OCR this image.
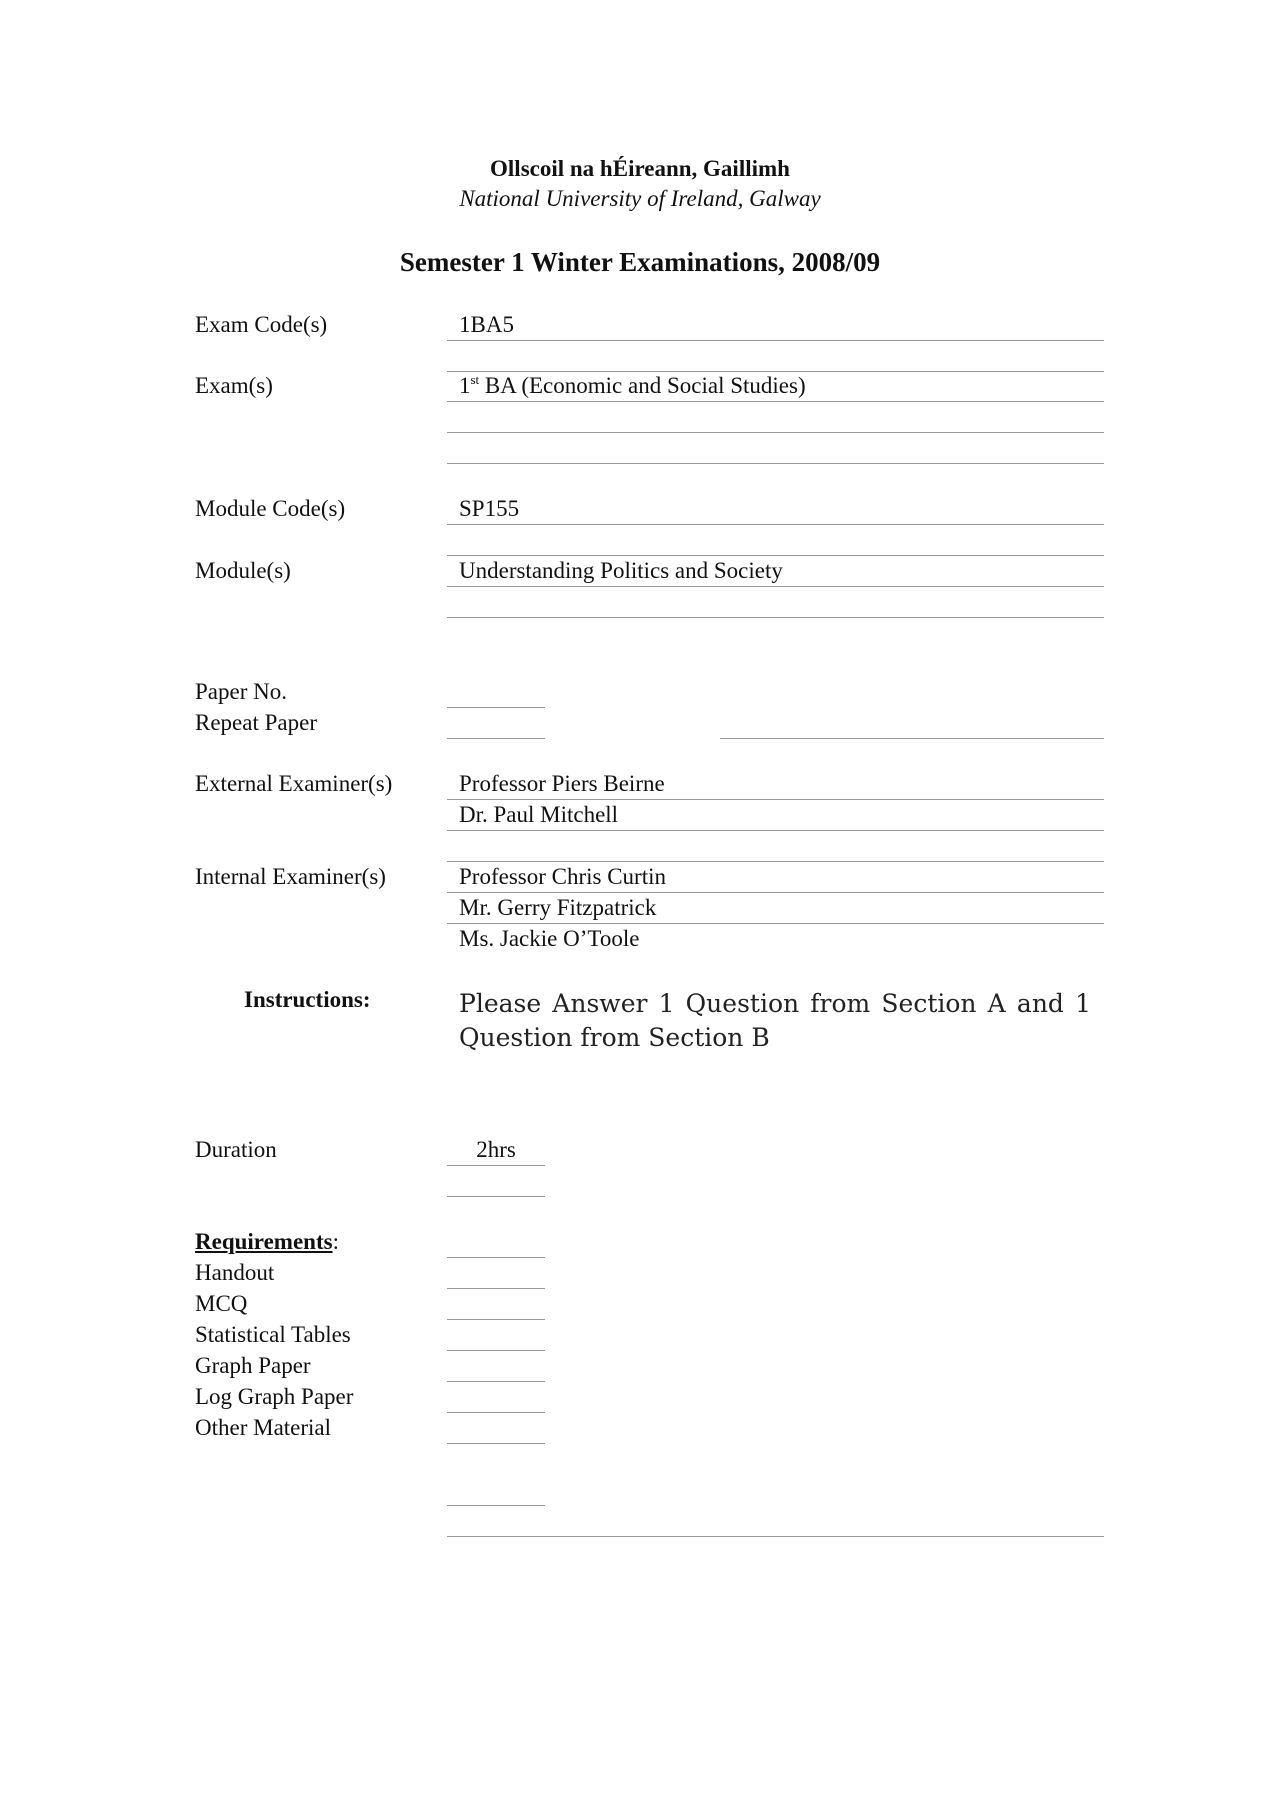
Ollscoil na hÉireann, Gaillimh
National University of Ireland, Galway
Semester 1 Winter Examinations, 2008/09
Exam Code(s)	1BA5
Exam(s)	1st BA (Economic and Social Studies)
Module Code(s)	SP155
Module(s)	Understanding Politics and Society
Paper No.
Repeat Paper
External Examiner(s)	Professor Piers Beirne
Dr. Paul Mitchell
Internal Examiner(s)	Professor Chris Curtin
Mr. Gerry Fitzpatrick
Ms. Jackie O’Toole
Instructions:	Please Answer 1 Question from Section A and 1 Question from Section B
Duration	2hrs
Requirements:
Handout
MCQ
Statistical Tables
Graph Paper
Log Graph Paper
Other Material
